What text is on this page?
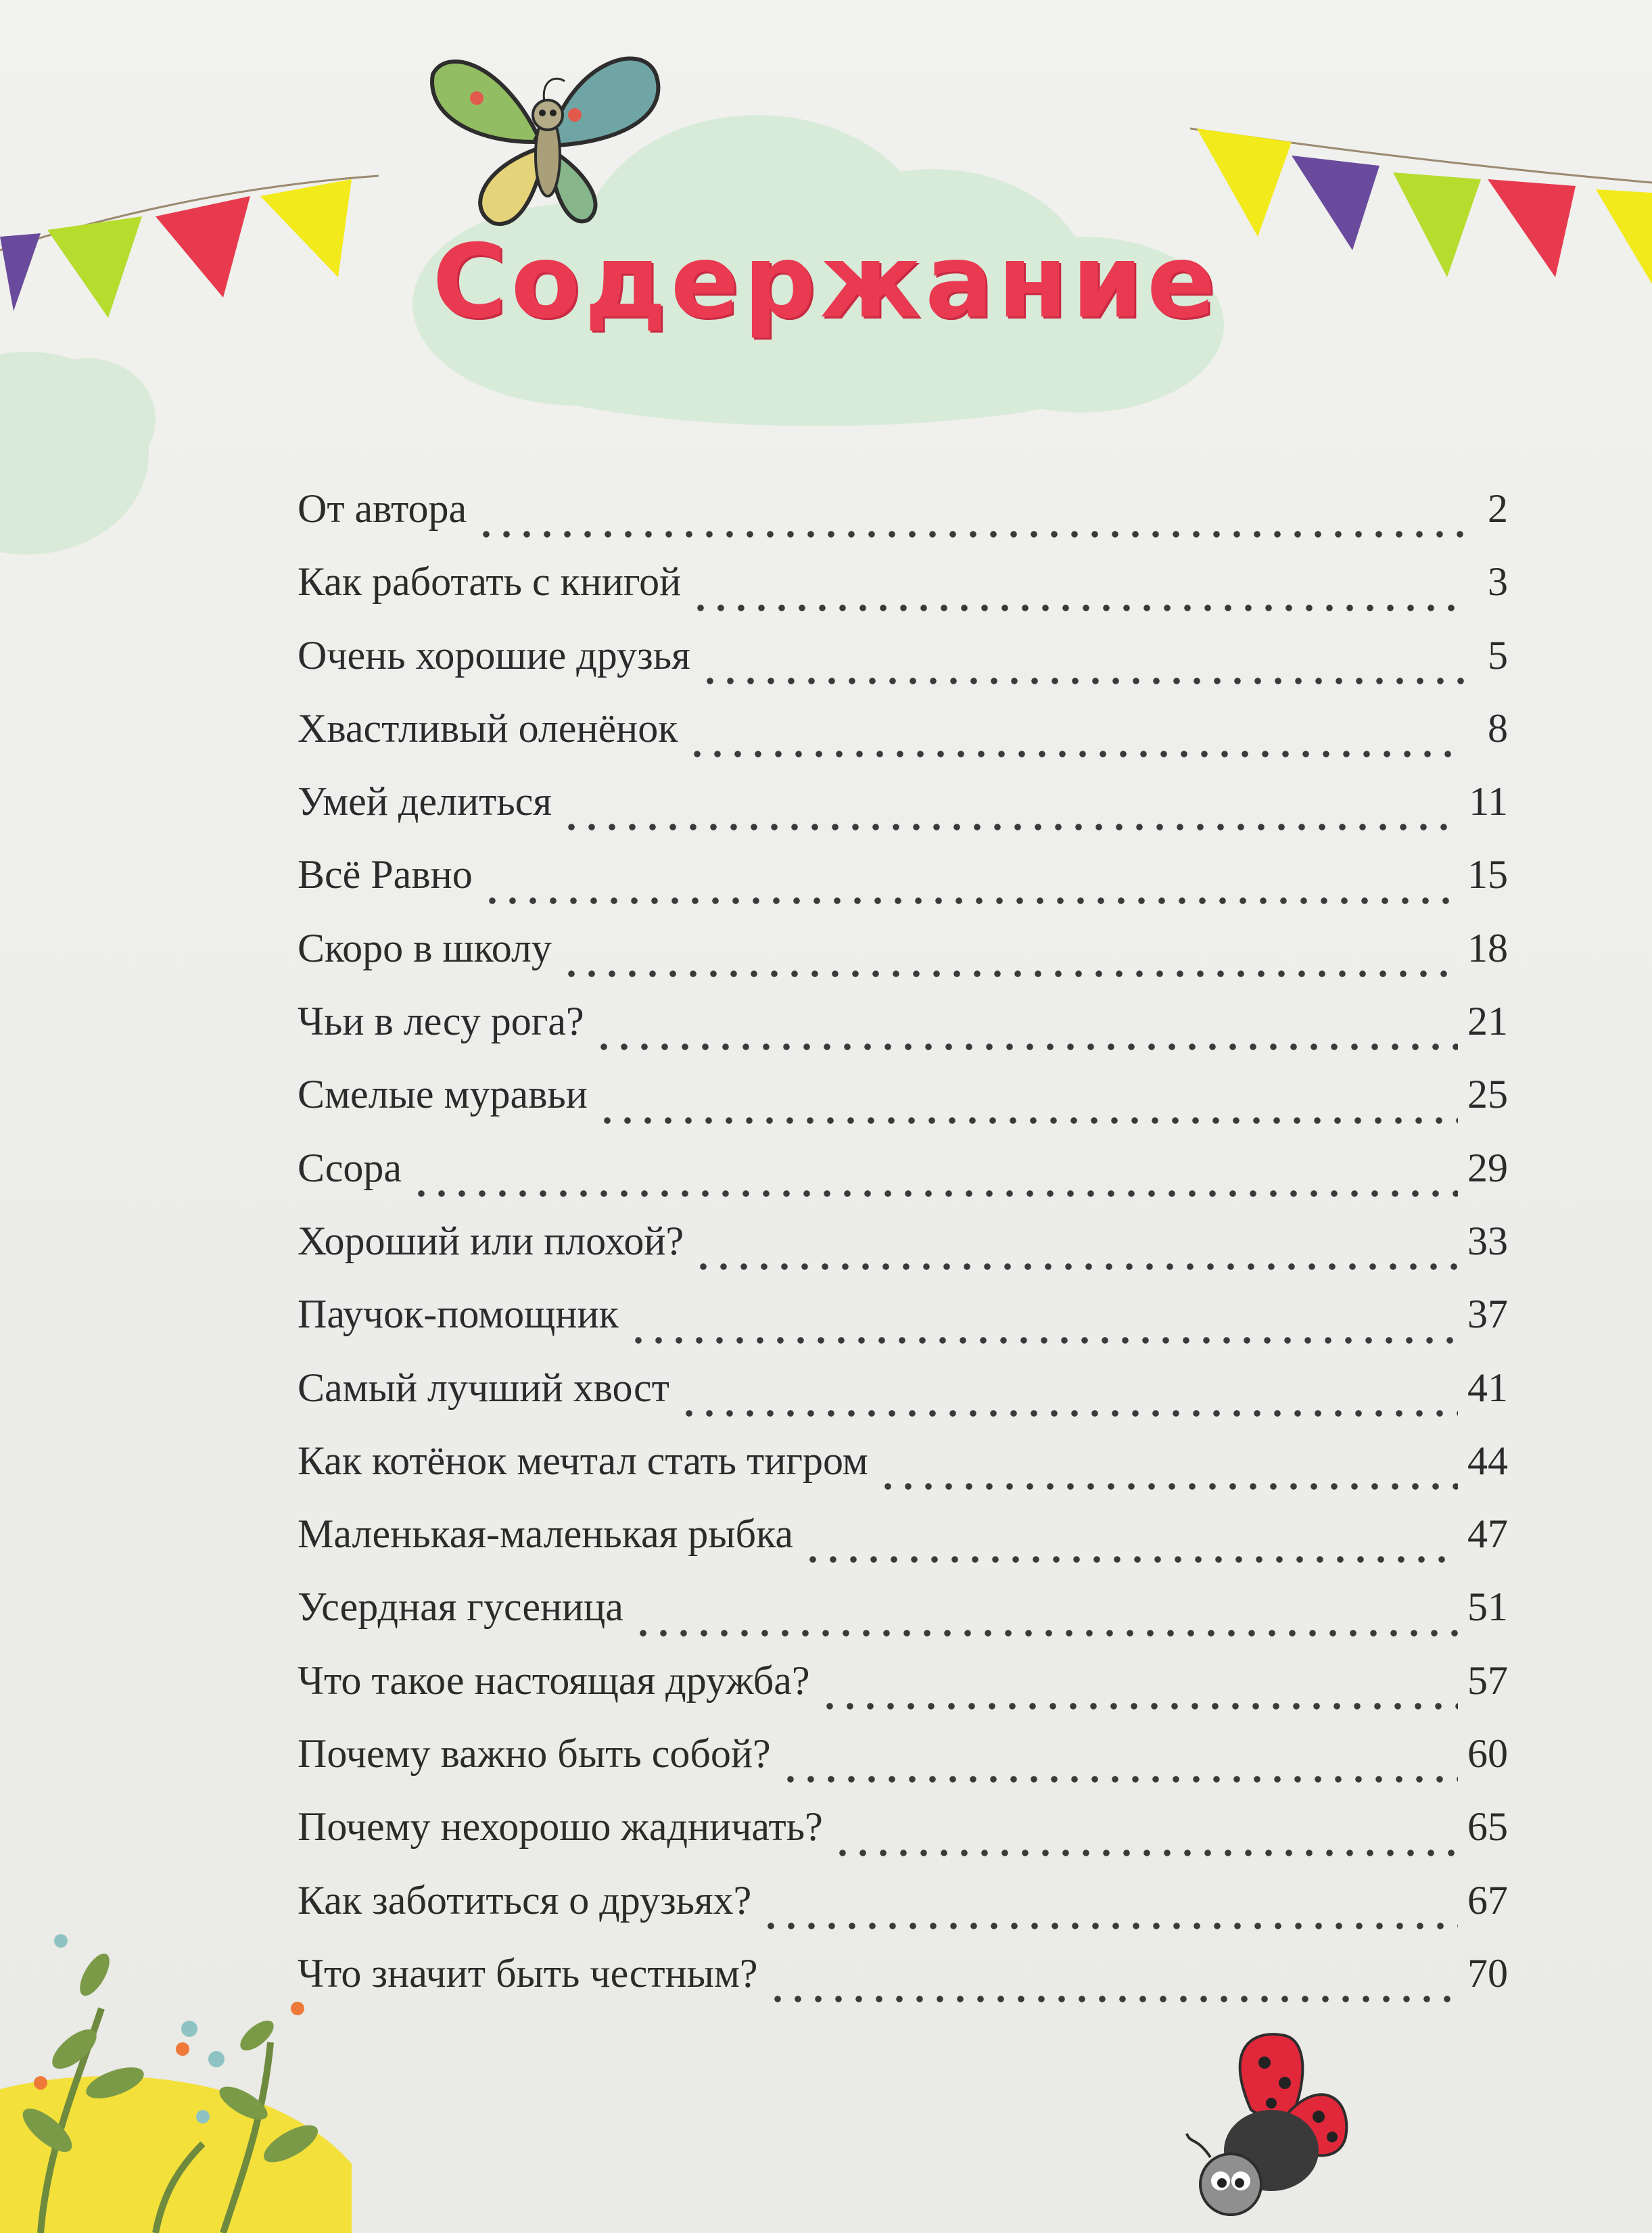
Содержание
От автора	2
Как работать с книгой	3
Очень хорошие друзья	5
Хвастливый оленёнок	8
Умей делиться	11
Всё Равно	15
Скоро в школу	18
Чьи в лесу рога?	21
Смелые муравьи	25
Ссора	29
Хороший или плохой?	33
Паучок-помощник	37
Самый лучший хвост	41
Как котёнок мечтал стать тигром	44
Маленькая-маленькая рыбка	47
Усердная гусеница	51
Что такое настоящая дружба?	57
Почему важно быть собой?	60
Почему нехорошо жадничать?	65
Как заботиться о друзьях?	67
Что значит быть честным?	70
